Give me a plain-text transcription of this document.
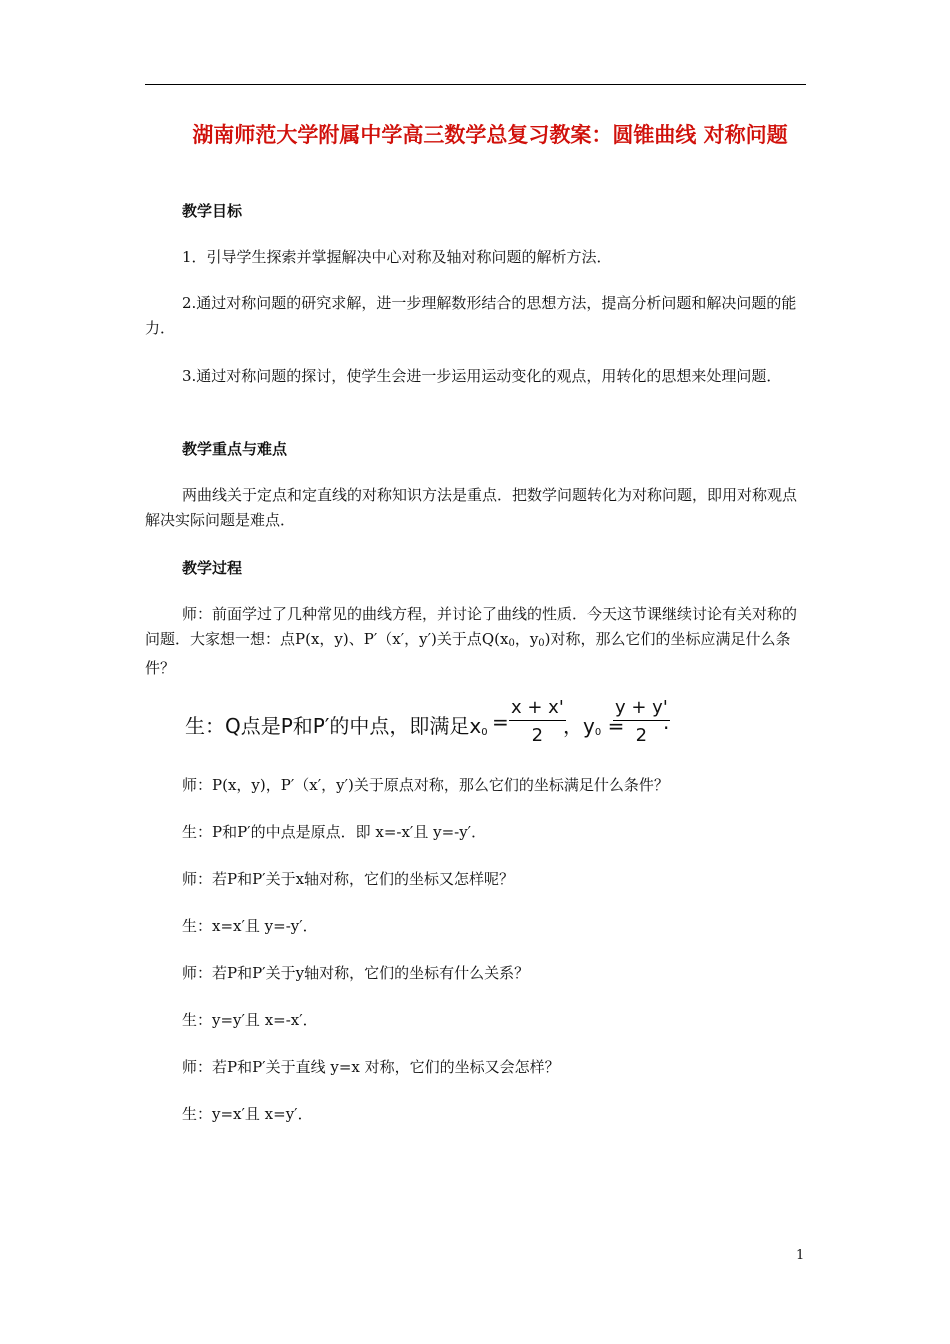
湖南师范大学附属中学高三数学总复习教案：圆锥曲线 对称问题
教学目标
1．引导学生探索并掌握解决中心对称及轴对称问题的解析方法．
2.通过对称问题的研究求解，进一步理解数形结合的思想方法，提高分析问题和解决问题的能力．
3.通过对称问题的探讨，使学生会进一步运用运动变化的观点，用转化的思想来处理问题．
教学重点与难点
两曲线关于定点和定直线的对称知识方法是重点．把数学问题转化为对称问题，即用对称观点解决实际问题是难点．
教学过程
师：前面学过了几种常见的曲线方程，并讨论了曲线的性质．今天这节课继续讨论有关对称的问题．大家想一想：点P(x，y)、P′（x′，y′)关于点$Q(x_0$，$y_0$)对称，那么它们的坐标应满足什么条件？
生：Q点是P和P′的中点，即满足$x_0 = \frac{x + x'}{2}$
，$y_0$ =
$\frac{y + y'}{2}$
.
师：P(x，y)，P′（x′，y′)关于原点对称，那么它们的坐标满足什么条件？
生：P和P′的中点是原点．即 x=-x′且 y=-y′．
师：若P和P′关于x轴对称，它们的坐标又怎样呢？
生：x=x′且 y=-y′．
师：若P和P′关于y轴对称，它们的坐标有什么关系？
生：y=y′且 x=-x′．
师：若P和P′关于直线 y=x 对称，它们的坐标又会怎样？
生：y=x′且 x=y′．
1
